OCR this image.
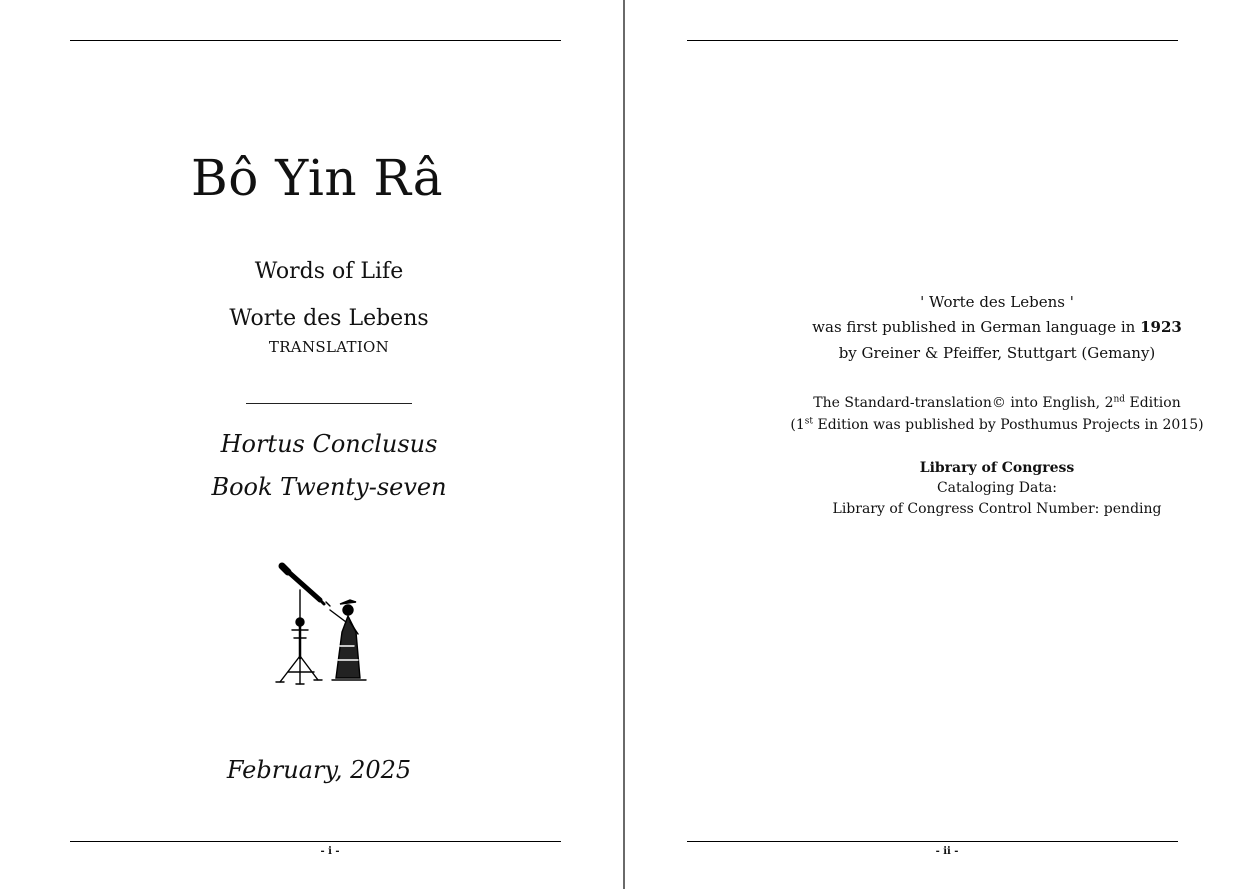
Bô Yin Râ
Words of Life
Worte des Lebens
TRANSLATION
Hortus Conclusus
Book Twenty-seven
February, 2025
- i -
' Worte des Lebens '
was first published in German language in 1923
by Greiner & Pfeiffer, Stuttgart (Gemany)
The Standard-translation© into English, 2nd Edition
(1st Edition was published by Posthumus Projects in 2015)
Library of Congress
Cataloging Data:
Library of Congress Control Number: pending
- ii -
